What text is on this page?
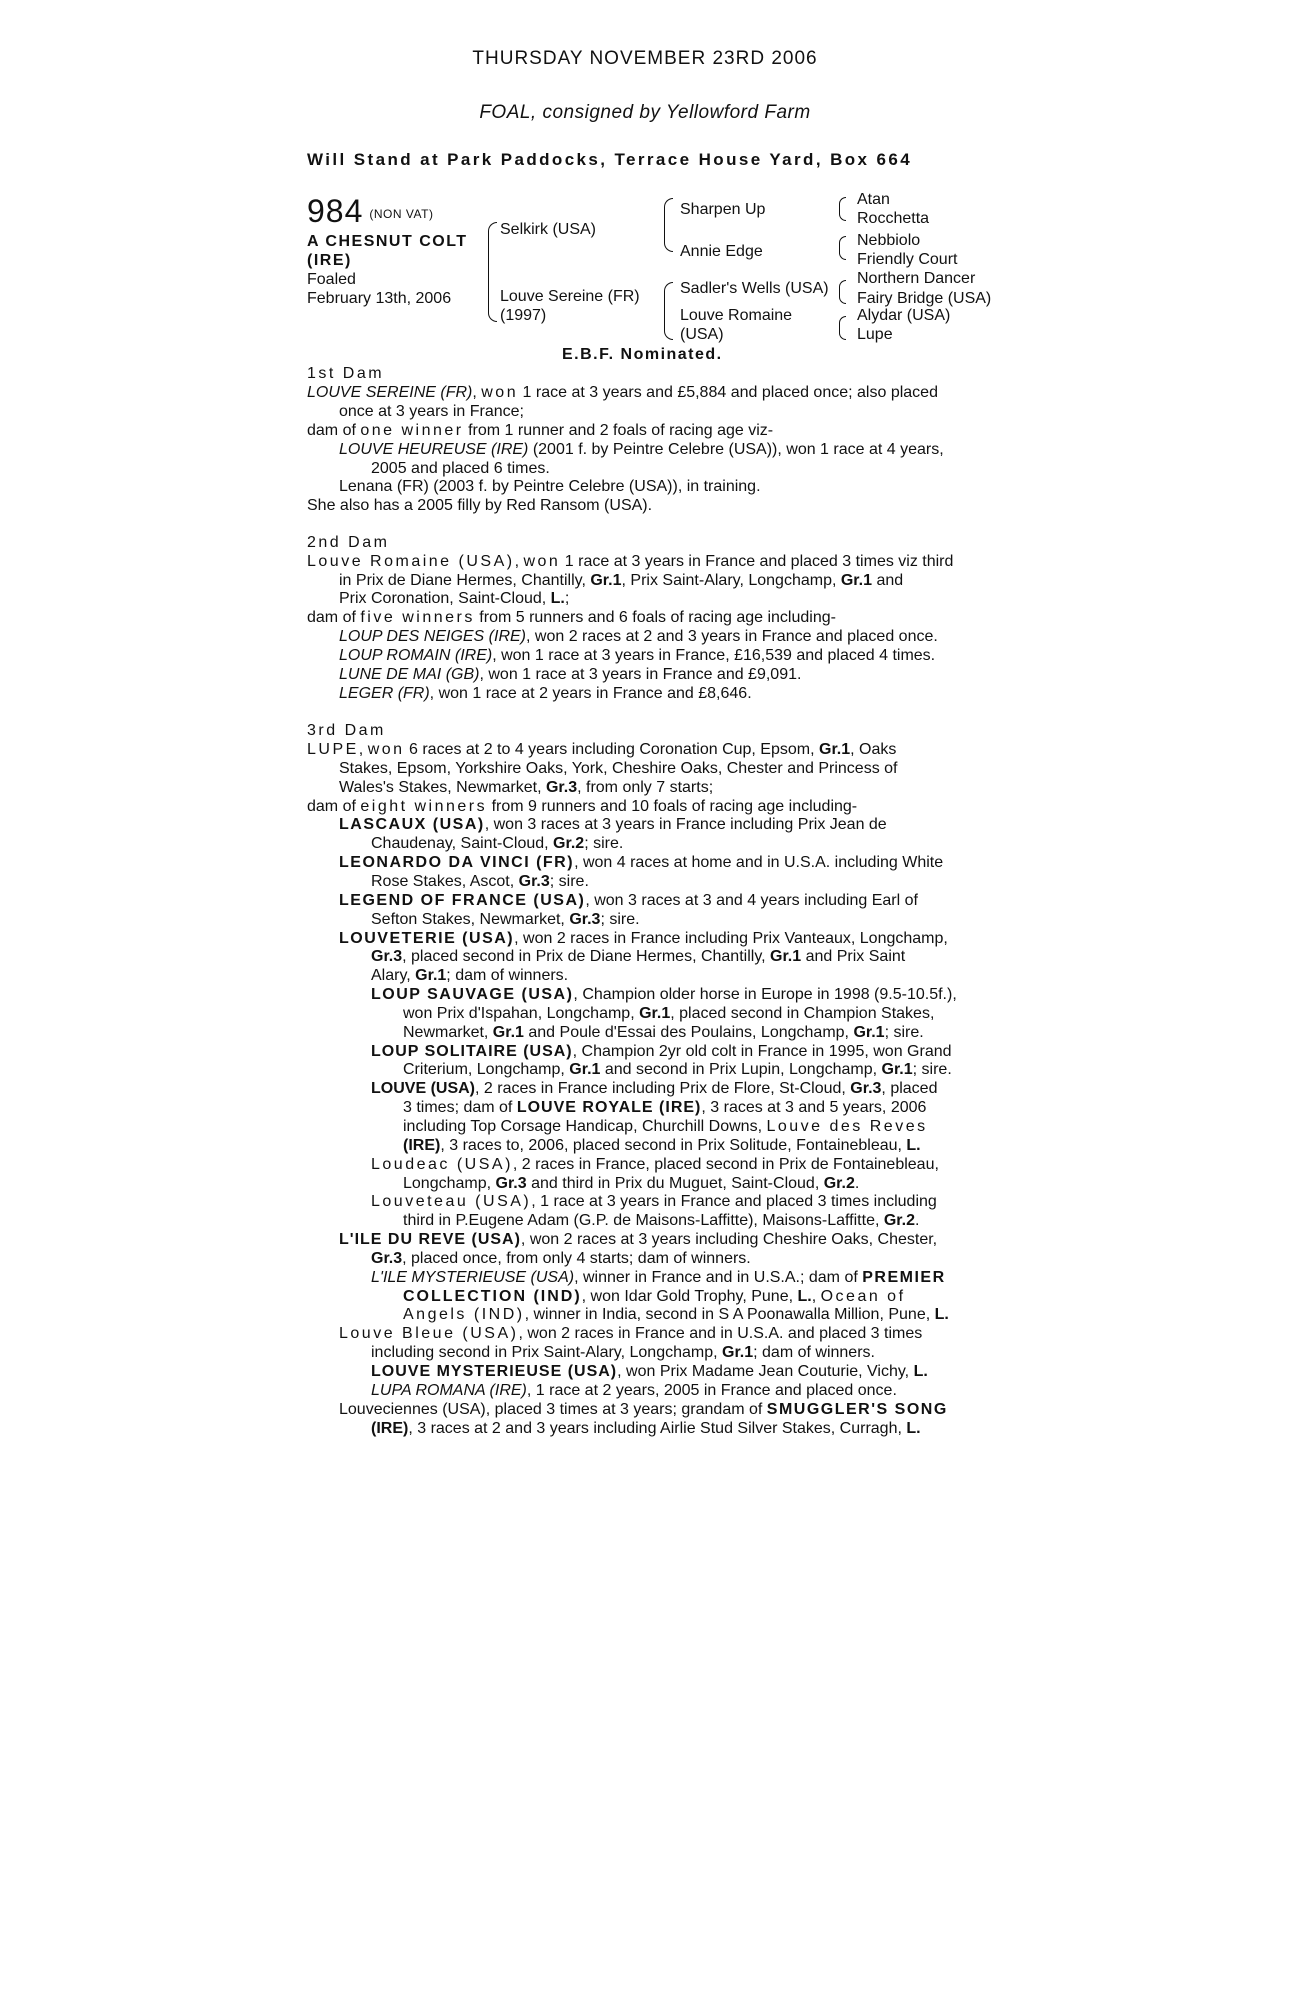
THURSDAY NOVEMBER 23RD 2006
FOAL, consigned by Yellowford Farm
Will Stand at Park Paddocks, Terrace House Yard, Box 664
984 (NON VAT)
A CHESNUT COLT
(IRE)
Foaled
February 13th, 2006
Selkirk (USA)
Louve Sereine (FR)
(1997)
Sharpen Up
Annie Edge
Sadler's Wells (USA)
Louve Romaine
(USA)
Atan
Rocchetta
Nebbiolo
Friendly Court
Northern Dancer
Fairy Bridge (USA)
Alydar (USA)
Lupe
E.B.F. Nominated.
1st Dam
LOUVE SEREINE (FR), won 1 race at 3 years and £5,884 and placed once; also placed
once at 3 years in France;
dam of one winner from 1 runner and 2 foals of racing age viz-
LOUVE HEUREUSE (IRE) (2001 f. by Peintre Celebre (USA)), won 1 race at 4 years,
2005 and placed 6 times.
Lenana (FR) (2003 f. by Peintre Celebre (USA)), in training.
She also has a 2005 filly by Red Ransom (USA).
2nd Dam
Louve Romaine (USA), won 1 race at 3 years in France and placed 3 times viz third
in Prix de Diane Hermes, Chantilly, Gr.1, Prix Saint-Alary, Longchamp, Gr.1 and
Prix Coronation, Saint-Cloud, L.;
dam of five winners from 5 runners and 6 foals of racing age including-
LOUP DES NEIGES (IRE), won 2 races at 2 and 3 years in France and placed once.
LOUP ROMAIN (IRE), won 1 race at 3 years in France, £16,539 and placed 4 times.
LUNE DE MAI (GB), won 1 race at 3 years in France and £9,091.
LEGER (FR), won 1 race at 2 years in France and £8,646.
3rd Dam
LUPE, won 6 races at 2 to 4 years including Coronation Cup, Epsom, Gr.1, Oaks
Stakes, Epsom, Yorkshire Oaks, York, Cheshire Oaks, Chester and Princess of
Wales's Stakes, Newmarket, Gr.3, from only 7 starts;
dam of eight winners from 9 runners and 10 foals of racing age including-
LASCAUX (USA), won 3 races at 3 years in France including Prix Jean de
Chaudenay, Saint-Cloud, Gr.2; sire.
LEONARDO DA VINCI (FR), won 4 races at home and in U.S.A. including White
Rose Stakes, Ascot, Gr.3; sire.
LEGEND OF FRANCE (USA), won 3 races at 3 and 4 years including Earl of
Sefton Stakes, Newmarket, Gr.3; sire.
LOUVETERIE (USA), won 2 races in France including Prix Vanteaux, Longchamp,
Gr.3, placed second in Prix de Diane Hermes, Chantilly, Gr.1 and Prix Saint
Alary, Gr.1; dam of winners.
LOUP SAUVAGE (USA), Champion older horse in Europe in 1998 (9.5-10.5f.),
won Prix d'Ispahan, Longchamp, Gr.1, placed second in Champion Stakes,
Newmarket, Gr.1 and Poule d'Essai des Poulains, Longchamp, Gr.1; sire.
LOUP SOLITAIRE (USA), Champion 2yr old colt in France in 1995, won Grand
Criterium, Longchamp, Gr.1 and second in Prix Lupin, Longchamp, Gr.1; sire.
LOUVE (USA), 2 races in France including Prix de Flore, St-Cloud, Gr.3, placed
3 times; dam of LOUVE ROYALE (IRE), 3 races at 3 and 5 years, 2006
including Top Corsage Handicap, Churchill Downs, Louve des Reves
(IRE), 3 races to, 2006, placed second in Prix Solitude, Fontainebleau, L.
Loudeac (USA), 2 races in France, placed second in Prix de Fontainebleau,
Longchamp, Gr.3 and third in Prix du Muguet, Saint-Cloud, Gr.2.
Louveteau (USA), 1 race at 3 years in France and placed 3 times including
third in P.Eugene Adam (G.P. de Maisons-Laffitte), Maisons-Laffitte, Gr.2.
L'ILE DU REVE (USA), won 2 races at 3 years including Cheshire Oaks, Chester,
Gr.3, placed once, from only 4 starts; dam of winners.
L'ILE MYSTERIEUSE (USA), winner in France and in U.S.A.; dam of PREMIER
COLLECTION (IND), won Idar Gold Trophy, Pune, L., Ocean of
Angels (IND), winner in India, second in S A Poonawalla Million, Pune, L.
Louve Bleue (USA), won 2 races in France and in U.S.A. and placed 3 times
including second in Prix Saint-Alary, Longchamp, Gr.1; dam of winners.
LOUVE MYSTERIEUSE (USA), won Prix Madame Jean Couturie, Vichy, L.
LUPA ROMANA (IRE), 1 race at 2 years, 2005 in France and placed once.
Louveciennes (USA), placed 3 times at 3 years; grandam of SMUGGLER'S SONG
(IRE), 3 races at 2 and 3 years including Airlie Stud Silver Stakes, Curragh, L.
